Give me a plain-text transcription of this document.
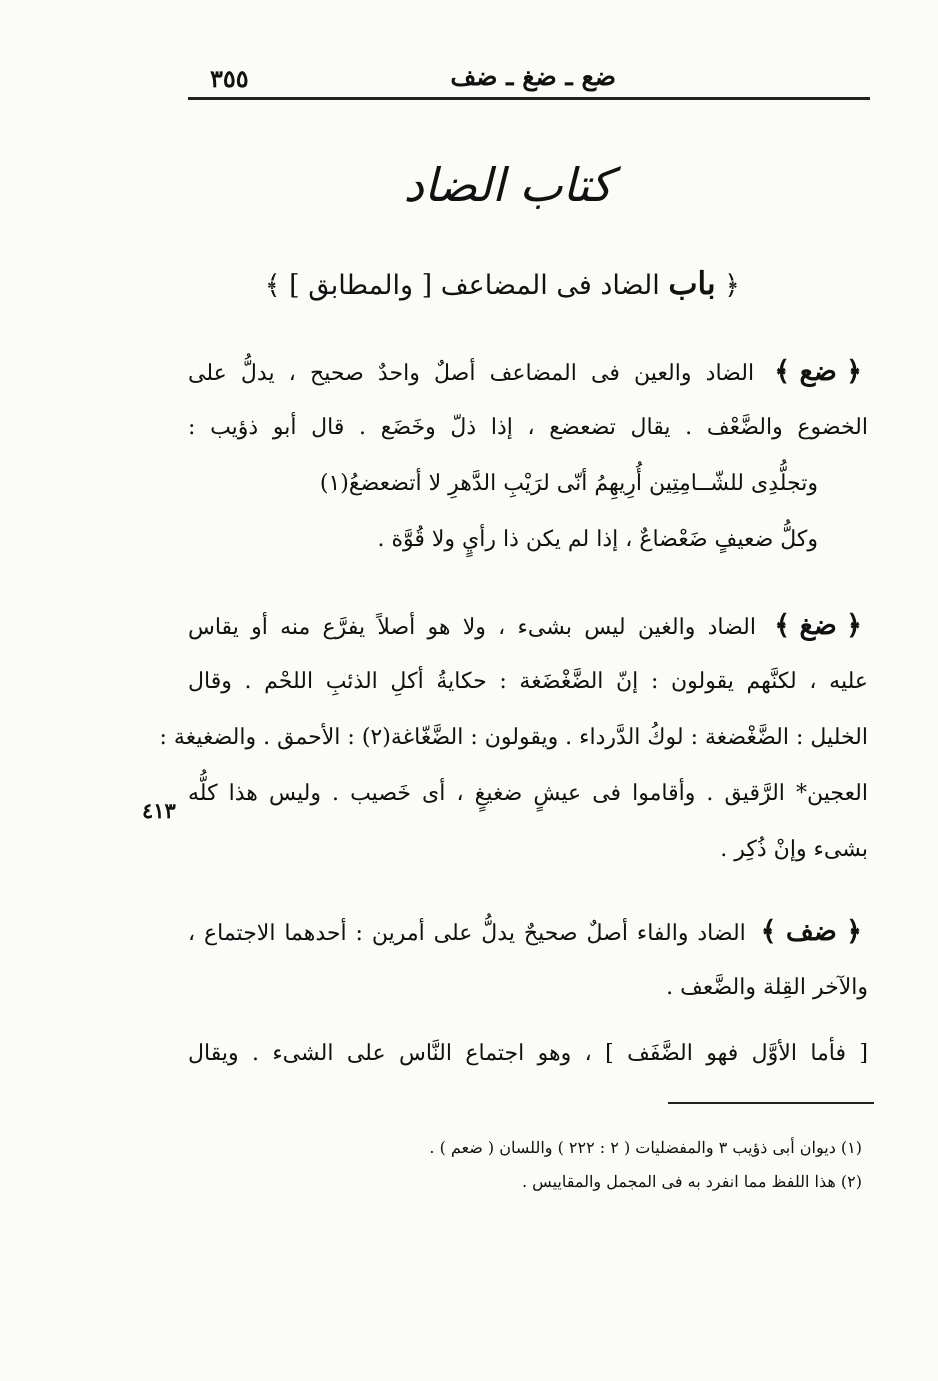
٣٥٥	ضع ـ ضغ ـ ضف
كتاب الضاد
﴿ باب الضاد فى المضاعف [ والمطابق ] ﴾
﴿ ضع ﴾ الضاد والعين فى المضاعف أصلٌ واحدٌ صحيح ، يدلُّ على
الخضوع والضَّعْف . يقال تضعضع ، إذا ذلّ وخَضَع . قال أبو ذؤيب :
وتجلُّدِى للشّــامِتِين أُرِيهِمُ أنّى لرَيْبِ الدَّهرِ لا أتضعضعُ(١)
وكلُّ ضعيفٍ ضَعْضاعٌ ، إذا لم يكن ذا رأيٍ ولا قُوَّة .
﴿ ضغ ﴾ الضاد والغين ليس بشىء ، ولا هو أصلاً يفرَّع منه أو يقاس
عليه ، لكنَّهم يقولون : إنّ الضَّغْضَغة : حكايةُ أكلِ الذئبِ اللحْم . وقال
الخليل : الضَّغْضغة : لوكُ الدَّرداء . ويقولون : الضَّغّاغة(٢) : الأحمق . والضغيغة :
العجين* الرَّقيق . وأقاموا فى عيشٍ ضغيغٍ ، أى خَصيب . وليس هذا كلُّه
بشىء وإنْ ذُكِر .
٤١٣
﴿ ضف ﴾ الضاد والفاء أصلٌ صحيحٌ يدلُّ على أمرين : أحدهما الاجتماع ،
والآخر القِلة والضَّعف .
[ فأما الأوَّل فهو الضَّفَف ] ، وهو اجتماع النَّاس على الشىء . ويقال
(١) ديوان أبى ذؤيب ٣ والمفضليات ( ٢ : ٢٢٢ ) واللسان ( ضعم ) .
(٢) هذا اللفظ مما انفرد به فى المجمل والمقاييس .
